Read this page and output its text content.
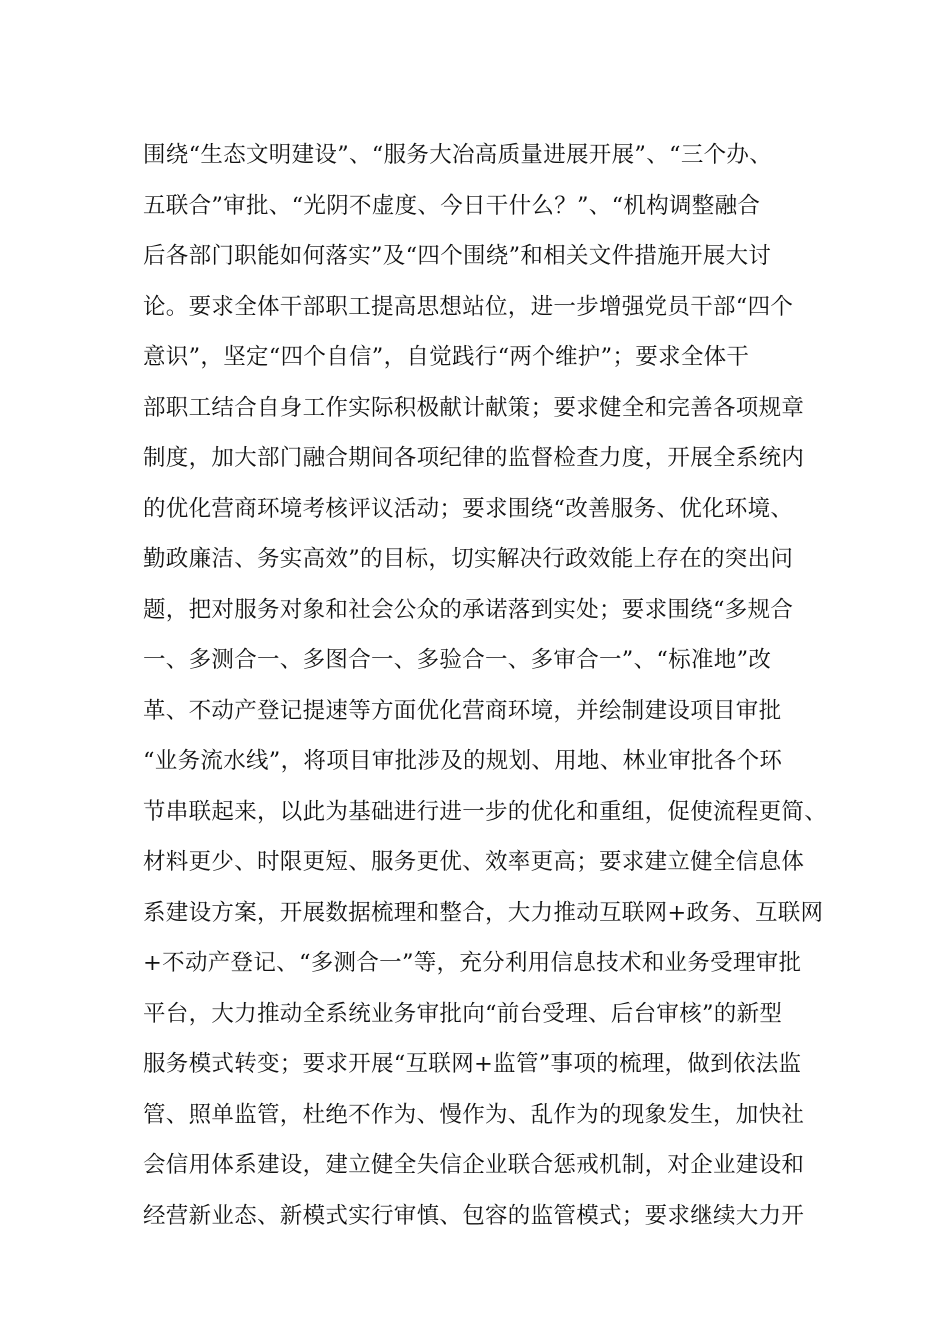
围绕“生态文明建设”、“服务大冶高质量进展开展”、“三个办、
五联合”审批、“光阴不虚度、今日干什么？”、“机构调整融合
后各部门职能如何落实”及“四个围绕”和相关文件措施开展大讨
论。要求全体干部职工提高思想站位，进一步增强党员干部“四个
意识”，坚定“四个自信”，自觉践行“两个维护”；要求全体干
部职工结合自身工作实际积极献计献策；要求健全和完善各项规章
制度，加大部门融合期间各项纪律的监督检查力度，开展全系统内
的优化营商环境考核评议活动；要求围绕“改善服务、优化环境、
勤政廉洁、务实高效”的目标，切实解决行政效能上存在的突出问
题，把对服务对象和社会公众的承诺落到实处；要求围绕“多规合
一、多测合一、多图合一、多验合一、多审合一”、“标准地”改
革、不动产登记提速等方面优化营商环境，并绘制建设项目审批
“业务流水线”，将项目审批涉及的规划、用地、林业审批各个环
节串联起来，以此为基础进行进一步的优化和重组，促使流程更简、
材料更少、时限更短、服务更优、效率更高；要求建立健全信息体
系建设方案，开展数据梳理和整合，大力推动互联网+政务、互联网
+不动产登记、“多测合一”等，充分利用信息技术和业务受理审批
平台，大力推动全系统业务审批向“前台受理、后台审核”的新型
服务模式转变；要求开展“互联网+监管”事项的梳理，做到依法监
管、照单监管，杜绝不作为、慢作为、乱作为的现象发生，加快社
会信用体系建设，建立健全失信企业联合惩戒机制，对企业建设和
经营新业态、新模式实行审慎、包容的监管模式；要求继续大力开
